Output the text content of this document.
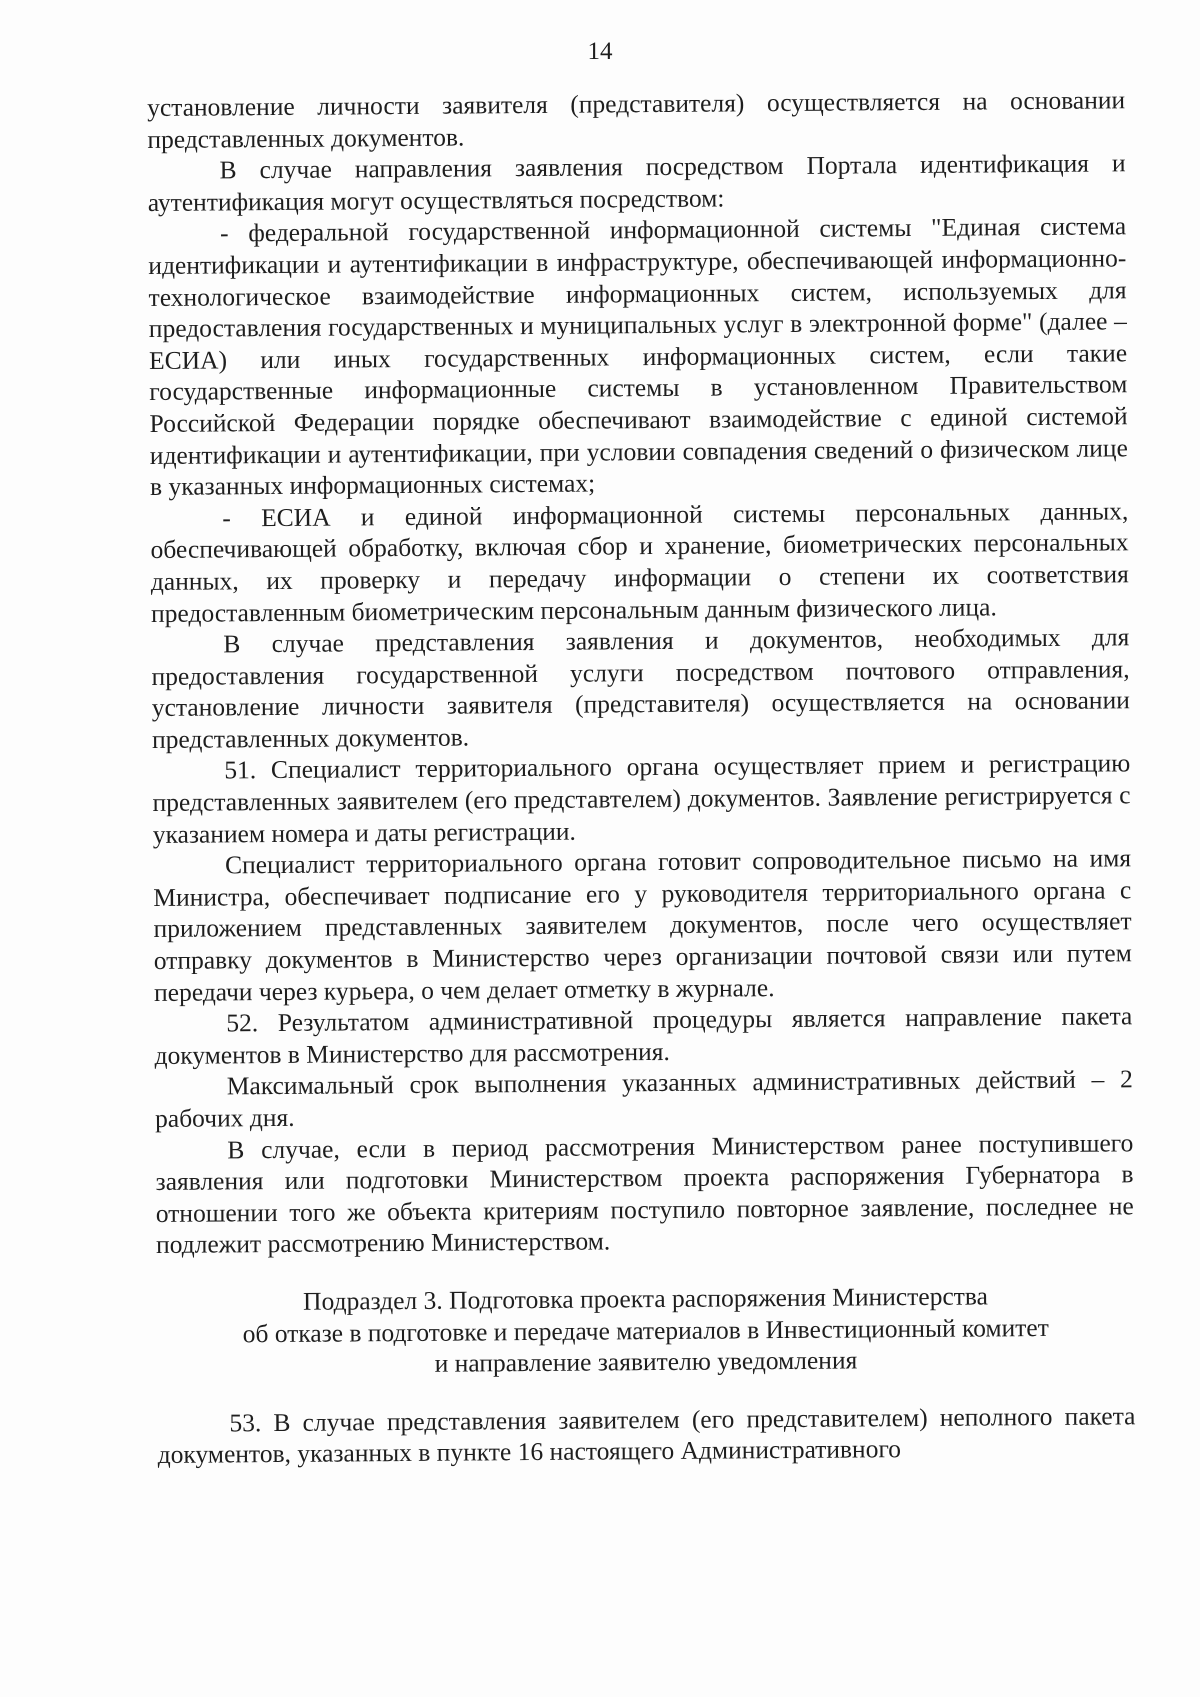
14

установление личности заявителя (представителя) осуществляется на основании представленных документов.

В случае направления заявления посредством Портала идентификация и аутентификация могут осуществляться посредством:

- федеральной государственной информационной системы "Единая система идентификации и аутентификации в инфраструктуре, обеспечивающей информационно-технологическое взаимодействие информационных систем, используемых для предоставления государственных и муниципальных услуг в электронной форме" (далее – ЕСИА) или иных государственных информационных систем, если такие государственные информационные системы в установленном Правительством Российской Федерации порядке обеспечивают взаимодействие с единой системой идентификации и аутентификации, при условии совпадения сведений о физическом лице в указанных информационных системах;

- ЕСИА и единой информационной системы персональных данных, обеспечивающей обработку, включая сбор и хранение, биометрических персональных данных, их проверку и передачу информации о степени их соответствия предоставленным биометрическим персональным данным физического лица.

В случае представления заявления и документов, необходимых для предоставления государственной услуги посредством почтового отправления, установление личности заявителя (представителя) осуществляется на основании представленных документов.

51. Специалист территориального органа осуществляет прием и регистрацию представленных заявителем (его представтелем) документов. Заявление регистрируется с указанием номера и даты регистрации.

Специалист территориального органа готовит сопроводительное письмо на имя Министра, обеспечивает подписание его у руководителя территориального органа с приложением представленных заявителем документов, после чего осуществляет отправку документов в Министерство через организации почтовой связи или путем передачи через курьера, о чем делает отметку в журнале.

52. Результатом административной процедуры является направление пакета документов в Министерство для рассмотрения.

Максимальный срок выполнения указанных административных действий – 2 рабочих дня.

В случае, если в период рассмотрения Министерством ранее поступившего заявления или подготовки Министерством проекта распоряжения Губернатора в отношении того же объекта критериям поступило повторное заявление, последнее не подлежит рассмотрению Министерством.

Подраздел 3. Подготовка проекта распоряжения Министерства
об отказе в подготовке и передаче материалов в Инвестиционный комитет
и направление заявителю уведомления

53. В случае представления заявителем (его представителем) неполного пакета документов, указанных в пункте 16 настоящего Административного
